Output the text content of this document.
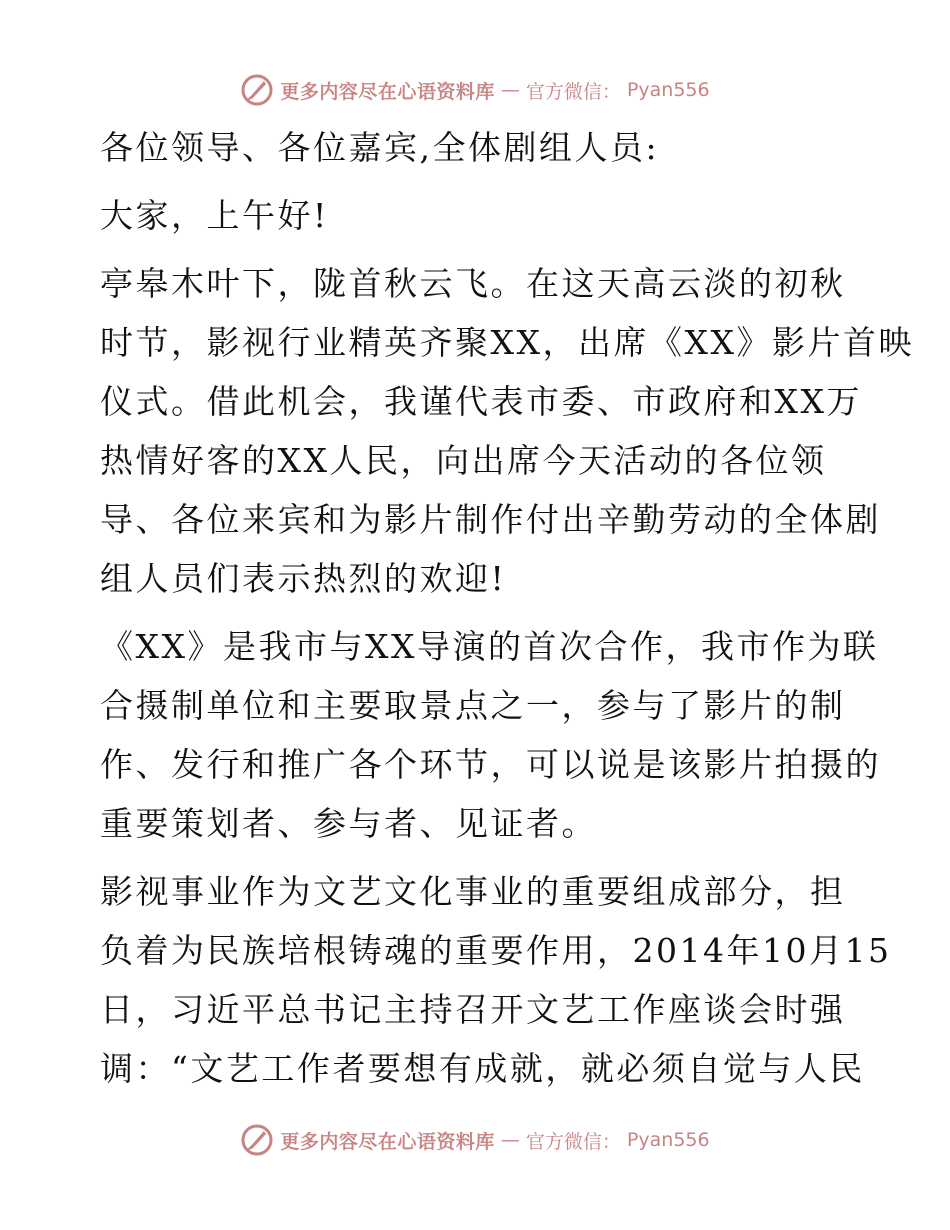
更多内容尽在心语资料库 — 官方微信： Pyan556
各位领导、各位嘉宾,全体剧组人员:
大家，上午好!
亭皋木叶下，陇首秋云飞。在这天高云淡的初秋
时节，影视行业精英齐聚XX，出席《XX》影片首映
仪式。借此机会，我谨代表市委、市政府和XX万
热情好客的XX人民，向出席今天活动的各位领
导、各位来宾和为影片制作付出辛勤劳动的全体剧
组人员们表示热烈的欢迎!
《XX》是我市与XX导演的首次合作，我市作为联
合摄制单位和主要取景点之一，参与了影片的制
作、发行和推广各个环节，可以说是该影片拍摄的
重要策划者、参与者、见证者。
影视事业作为文艺文化事业的重要组成部分，担
负着为民族培根铸魂的重要作用，2014年10月15
日，习近平总书记主持召开文艺工作座谈会时强
调：“文艺工作者要想有成就，就必须自觉与人民
更多内容尽在心语资料库 — 官方微信： Pyan556
